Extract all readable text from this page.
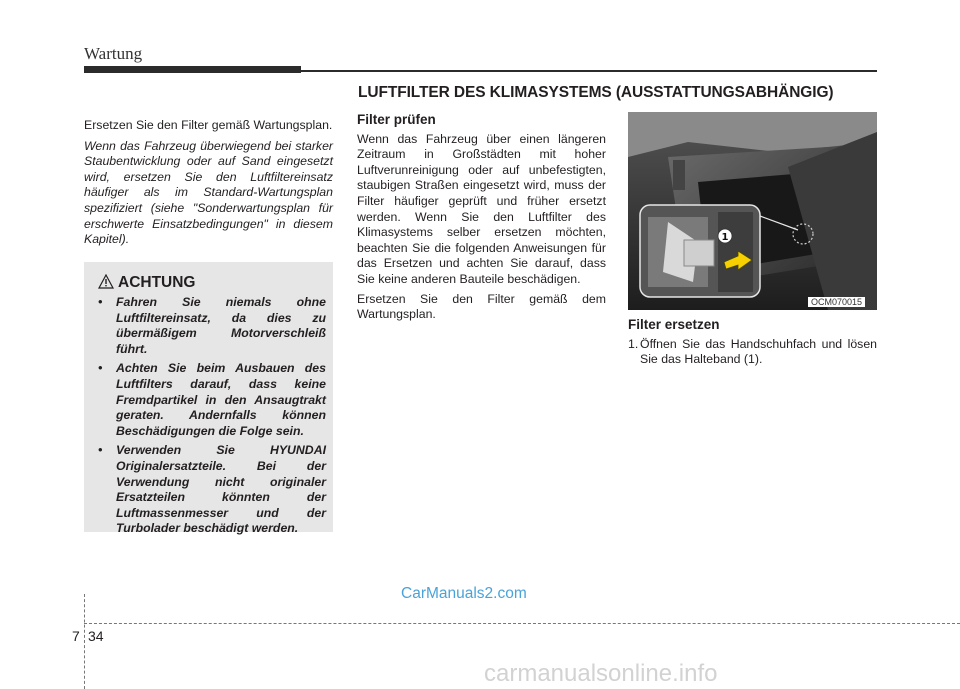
Wartung
LUFTFILTER DES KLIMASYSTEMS (AUSSTATTUNGSABHÄNGIG)

Ersetzen Sie den Filter gemäß Wartungsplan.

Wenn das Fahrzeug überwiegend bei starker Staubentwicklung oder auf Sand eingesetzt wird, ersetzen Sie den Luftfiltereinsatz häufiger als im Standard-Wartungsplan spezifiziert (siehe "Sonderwartungsplan für erschwerte Einsatzbedingungen" in diesem Kapitel).

ACHTUNG
• Fahren Sie niemals ohne Luftfiltereinsatz, da dies zu übermäßigem Motorverschleiß führt.
• Achten Sie beim Ausbauen des Luftfilters darauf, dass keine Fremdpartikel in den Ansaugtrakt geraten. Andernfalls können Beschädigungen die Folge sein.
• Verwenden Sie HYUNDAI Originalersatzteile. Bei der Verwendung nicht originaler Ersatzteilen könnten der Luftmassenmesser und der Turbolader beschädigt werden.
Filter prüfen

Wenn das Fahrzeug über einen längeren Zeitraum in Großstädten mit hoher Luftverunreinigung oder auf unbefestigten, staubigen Straßen eingesetzt wird, muss der Filter häufiger geprüft und früher ersetzt werden. Wenn Sie den Luftfilter des Klimasystems selber ersetzen möchten, beachten Sie die folgenden Anweisungen für das Ersetzen und achten Sie darauf, dass Sie keine anderen Bauteile beschädigen.

Ersetzen Sie den Filter gemäß dem Wartungsplan.

1
OCM070015
Filter ersetzen
1. Öffnen Sie das Handschuhfach und lösen Sie das Halteband (1).
CarManuals2.com
7 34
carmanualsonline.info
